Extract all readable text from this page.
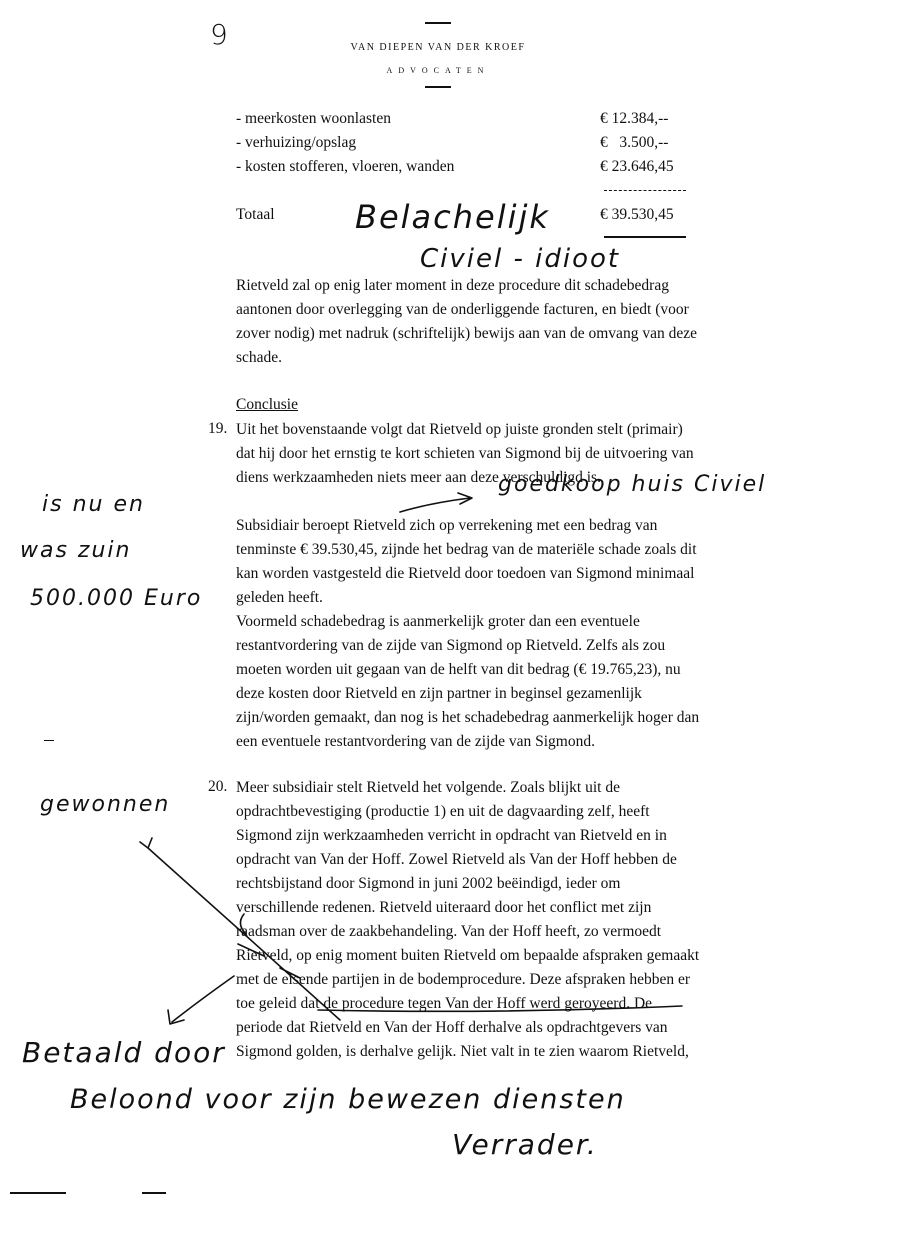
9	VAN DIEPEN VAN DER KROEF
ADVOCATEN
- meerkosten woonlasten	€ 12.384,--
- verhuizing/opslag	€   3.500,--
- kosten stofferen, vloeren, wanden	€ 23.646,45
Totaal	€ 39.530,45
Belachelijk
Civiel - idioot
Rietveld zal op enig later moment in deze procedure dit schadebedrag
aantonen door overlegging van de onderliggende facturen, en biedt (voor
zover nodig) met nadruk (schriftelijk) bewijs aan van de omvang van deze
schade.
Conclusie
19. Uit het bovenstaande volgt dat Rietveld op juiste gronden stelt (primair)
dat hij door het ernstig te kort schieten van Sigmond bij de uitvoering van
diens werkzaamheden niets meer aan deze verschuldigd is.
goedkoop huis Civiel
Subsidiair beroept Rietveld zich op verrekening met een bedrag van
tenminste € 39.530,45, zijnde het bedrag van de materiële schade zoals dit
kan worden vastgesteld die Rietveld door toedoen van Sigmond minimaal
geleden heeft.
Voormeld schadebedrag is aanmerkelijk groter dan een eventuele
restantvordering van de zijde van Sigmond op Rietveld. Zelfs als zou
moeten worden uit gegaan van de helft van dit bedrag (€ 19.765,23), nu
deze kosten door Rietveld en zijn partner in beginsel gezamenlijk
zijn/worden gemaakt, dan nog is het schadebedrag aanmerkelijk hoger dan
een eventuele restantvordering van de zijde van Sigmond.
is nu en
was zuin
500.000 Euro
20. Meer subsidiair stelt Rietveld het volgende. Zoals blijkt uit de
opdrachtbevestiging (productie 1) en uit de dagvaarding zelf, heeft
Sigmond zijn werkzaamheden verricht in opdracht van Rietveld en in
opdracht van Van der Hoff. Zowel Rietveld als Van der Hoff hebben de
rechtsbijstand door Sigmond in juni 2002 beëindigd, ieder om
verschillende redenen. Rietveld uiteraard door het conflict met zijn
raadsman over de zaakbehandeling. Van der Hoff heeft, zo vermoedt
Rietveld, op enig moment buiten Rietveld om bepaalde afspraken gemaakt
met de eisende partijen in de bodemprocedure. Deze afspraken hebben er
toe geleid dat de procedure tegen Van der Hoff werd geroyeerd. De
periode dat Rietveld en Van der Hoff derhalve als opdrachtgevers van
Sigmond golden, is derhalve gelijk. Niet valt in te zien waarom Rietveld,
gewonnen
Betaald door
Beloond voor zijn bewezen diensten
Verrader.
